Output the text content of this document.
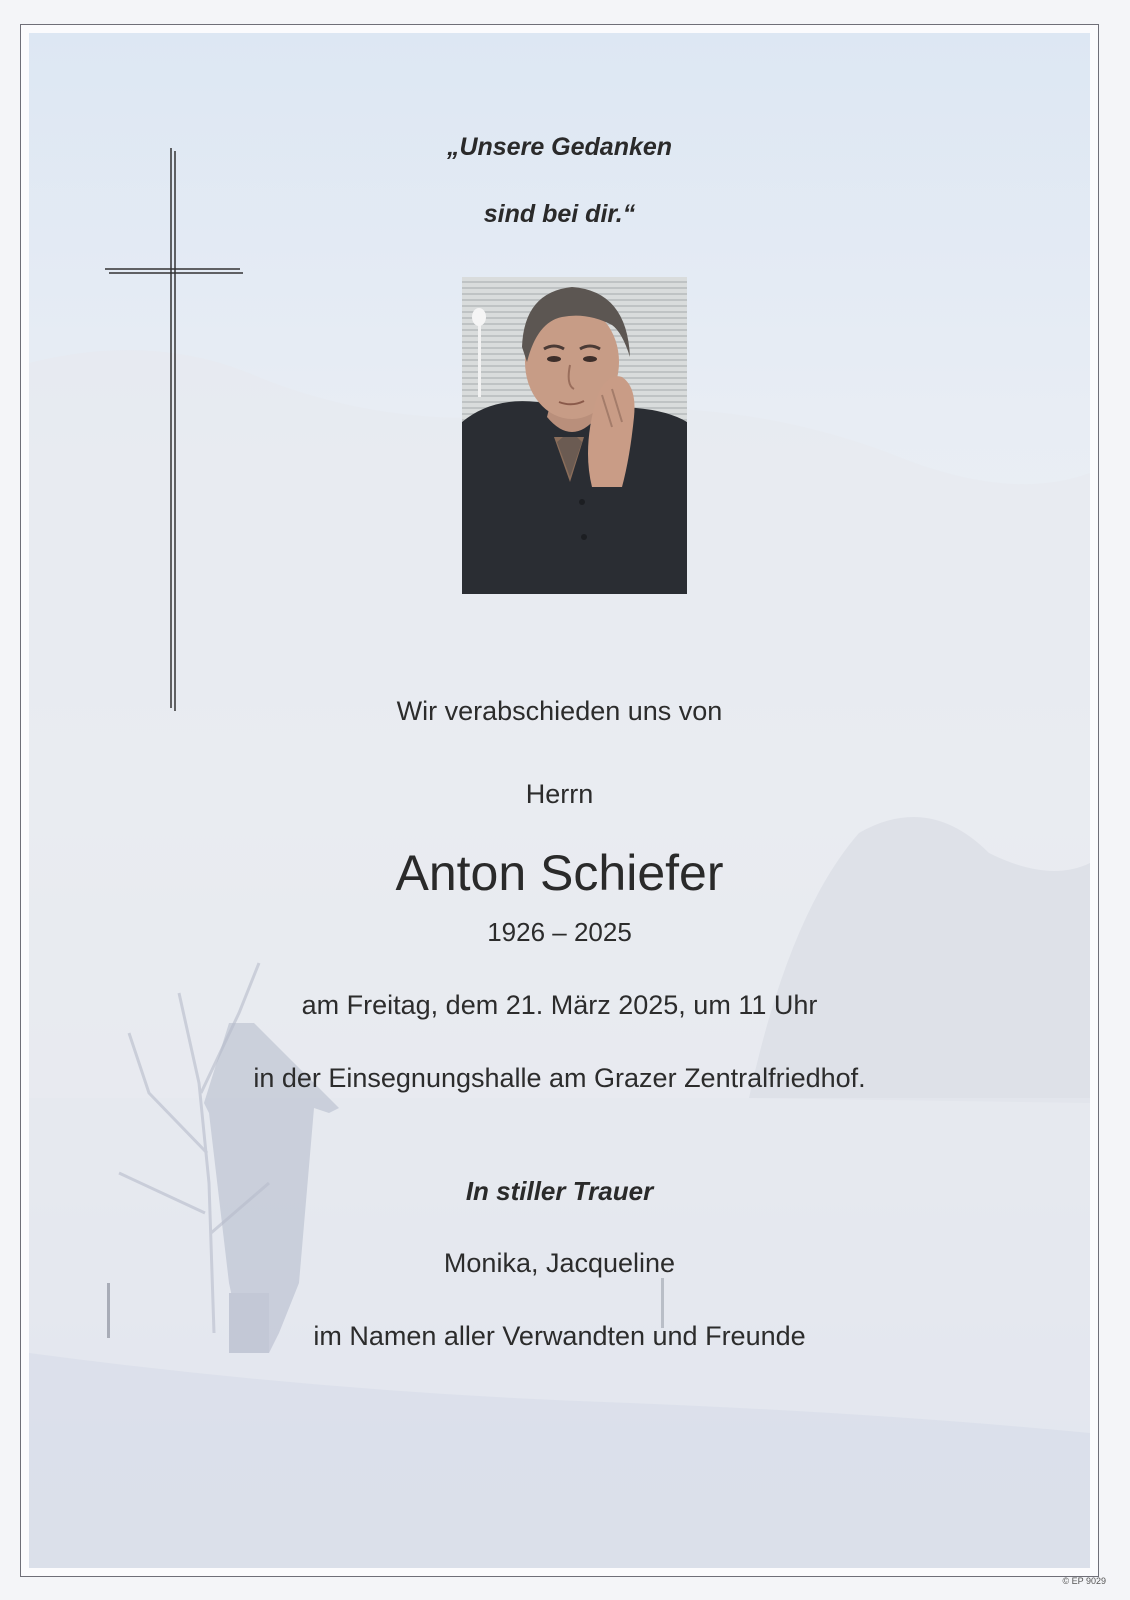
„Unsere Gedanken
sind bei dir.“
Wir verabschieden uns von
Herrn
Anton Schiefer
1926 – 2025
am Freitag, dem 21. März 2025, um 11 Uhr
in der Einsegnungshalle am Grazer Zentralfriedhof.
In stiller Trauer
Monika, Jacqueline
im Namen aller Verwandten und Freunde
© EP 9029
